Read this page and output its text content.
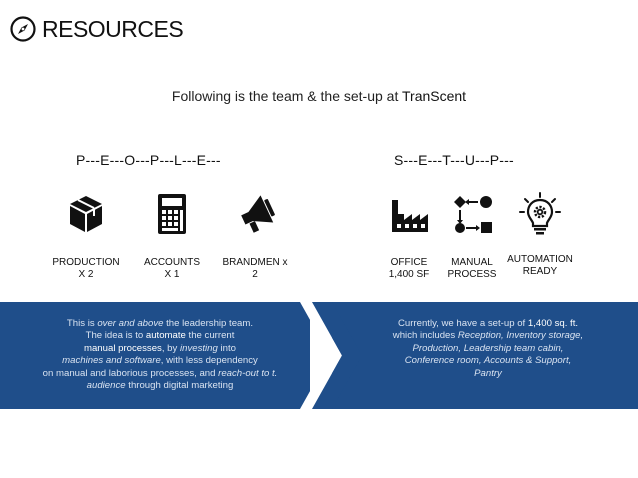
RESOURCES
Following is the team & the set-up at TranScent
P---E---O---P---L---E---	S---E---T---U---P---
PRODUCTION
X 2
ACCOUNTS
X 1
BRANDMEN x
2
OFFICE
1,400 SF
MANUAL
PROCESS
AUTOMATION
READY
This is over and above the leadership team.
The idea is to automate the current
manual processes, by investing into
machines and software, with less dependency
on manual and laborious processes, and reach-out to t.
audience through digital marketing
Currently, we have a set-up of 1,400 sq. ft.
which includes Reception, Inventory storage,
Production, Leadership team cabin,
Conference room, Accounts & Support,
Pantry
